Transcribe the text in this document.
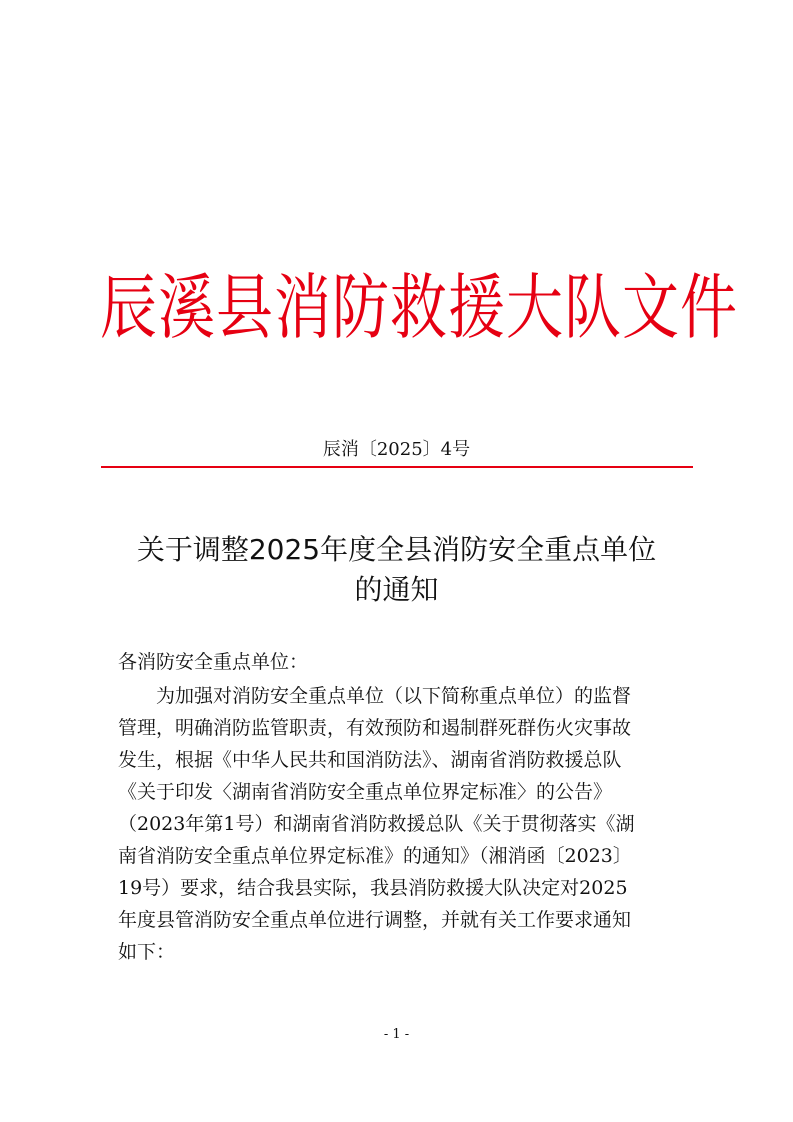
辰溪县消防救援大队文件
辰消〔2025〕4号
关于调整2025年度全县消防安全重点单位
的通知
各消防安全重点单位：
为加强对消防安全重点单位（以下简称重点单位）的监督
管理，明确消防监管职责，有效预防和遏制群死群伤火灾事故
发生，根据《中华人民共和国消防法》、湖南省消防救援总队
《关于印发〈湖南省消防安全重点单位界定标准〉的公告》
（2023年第1号）和湖南省消防救援总队《关于贯彻落实《湖
南省消防安全重点单位界定标准》的通知》（湘消函〔2023〕
19号）要求，结合我县实际，我县消防救援大队决定对2025
年度县管消防安全重点单位进行调整，并就有关工作要求通知
如下：
- 1 -
